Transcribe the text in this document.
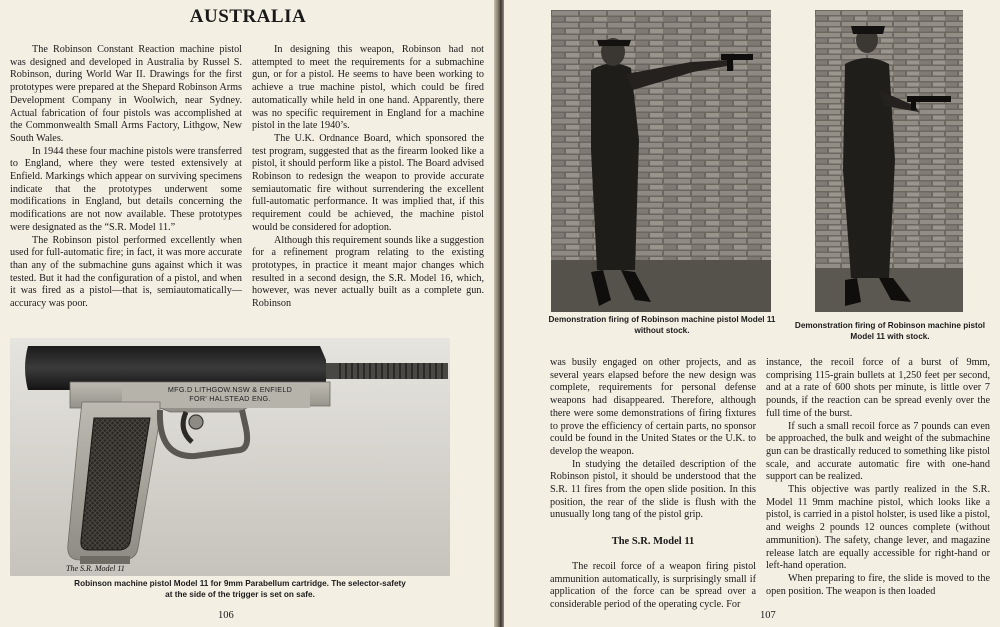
AUSTRALIA

The Robinson Constant Reaction machine pistol was designed and developed in Australia by Russel S. Robinson, during World War II. Drawings for the first prototypes were prepared at the Shepard Robinson Arms Development Company in Woolwich, near Sydney. Actual fabrication of four pistols was accomplished at the Commonwealth Small Arms Factory, Lithgow, New South Wales.

In 1944 these four machine pistols were transferred to England, where they were tested extensively at Enfield. Markings which appear on surviving specimens indicate that the prototypes underwent some modifications in England, but details concerning the modifications are not now available. These prototypes were designated as the “S.R. Model 11.”

The Robinson pistol performed excellently when used for full-automatic fire; in fact, it was more accurate than any of the submachine guns against which it was tested. But it had the configuration of a pistol, and when it was fired as a pistol—that is, semiautomatically—accuracy was poor.

In designing this weapon, Robinson had not attempted to meet the requirements for a submachine gun, or for a pistol. He seems to have been working to achieve a true machine pistol, which could be fired automatically while held in one hand. Apparently, there was no specific requirement in England for a machine pistol in the late 1940’s.

The U.K. Ordnance Board, which sponsored the test program, suggested that as the firearm looked like a pistol, it should perform like a pistol. The Board advised Robinson to redesign the weapon to provide accurate semiautomatic fire without surrendering the excellent full-automatic performance. It was implied that, if this requirement could be achieved, the machine pistol would be considered for adoption.

Although this requirement sounds like a suggestion for a refinement program relating to the existing prototypes, in practice it meant major changes which resulted in a second design, the S.R. Model 16, which, however, was never actually built as a complete gun. Robinson

MFG.D LITHGOW.NSW & ENFIELD
FOR' HALSTEAD ENG.
The S.R. Model 11
Robinson machine pistol Model 11 for 9mm Parabellum cartridge. The selector-safety
at the side of the trigger is set on safe.
106
Demonstration firing of Robinson machine pistol Model 11
without stock.	Demonstration firing of Robinson machine pistol
Model 11 with stock.

was busily engaged on other projects, and as several years elapsed before the new design was complete, requirements for personal defense weapons had disappeared. Therefore, although there were some demonstrations of firing fixtures to prove the efficiency of certain parts, no sponsor could be found in the United States or the U.K. to develop the weapon.

In studying the detailed description of the Robinson pistol, it should be understood that the S.R. 11 fires from the open slide position. In this position, the rear of the slide is flush with the unusually long tang of the pistol grip.

The S.R. Model 11

The recoil force of a weapon firing pistol ammunition automatically, is surprisingly small if application of the force can be spread over a considerable period of the operating cycle. For

instance, the recoil force of a burst of 9mm, comprising 115-grain bullets at 1,250 feet per second, and at a rate of 600 shots per minute, is little over 7 pounds, if the reaction can be spread evenly over the full time of the burst.

If such a small recoil force as 7 pounds can even be approached, the bulk and weight of the submachine gun can be drastically reduced to something like pistol scale, and accurate automatic fire with one-hand support can be realized.

This objective was partly realized in the S.R. Model 11 9mm machine pistol, which looks like a pistol, is carried in a pistol holster, is used like a pistol, and weighs 2 pounds 12 ounces complete (without ammunition). The safety, change lever, and magazine release latch are equally accessible for right-hand or left-hand operation.

When preparing to fire, the slide is moved to the open position. The weapon is then loaded

107
